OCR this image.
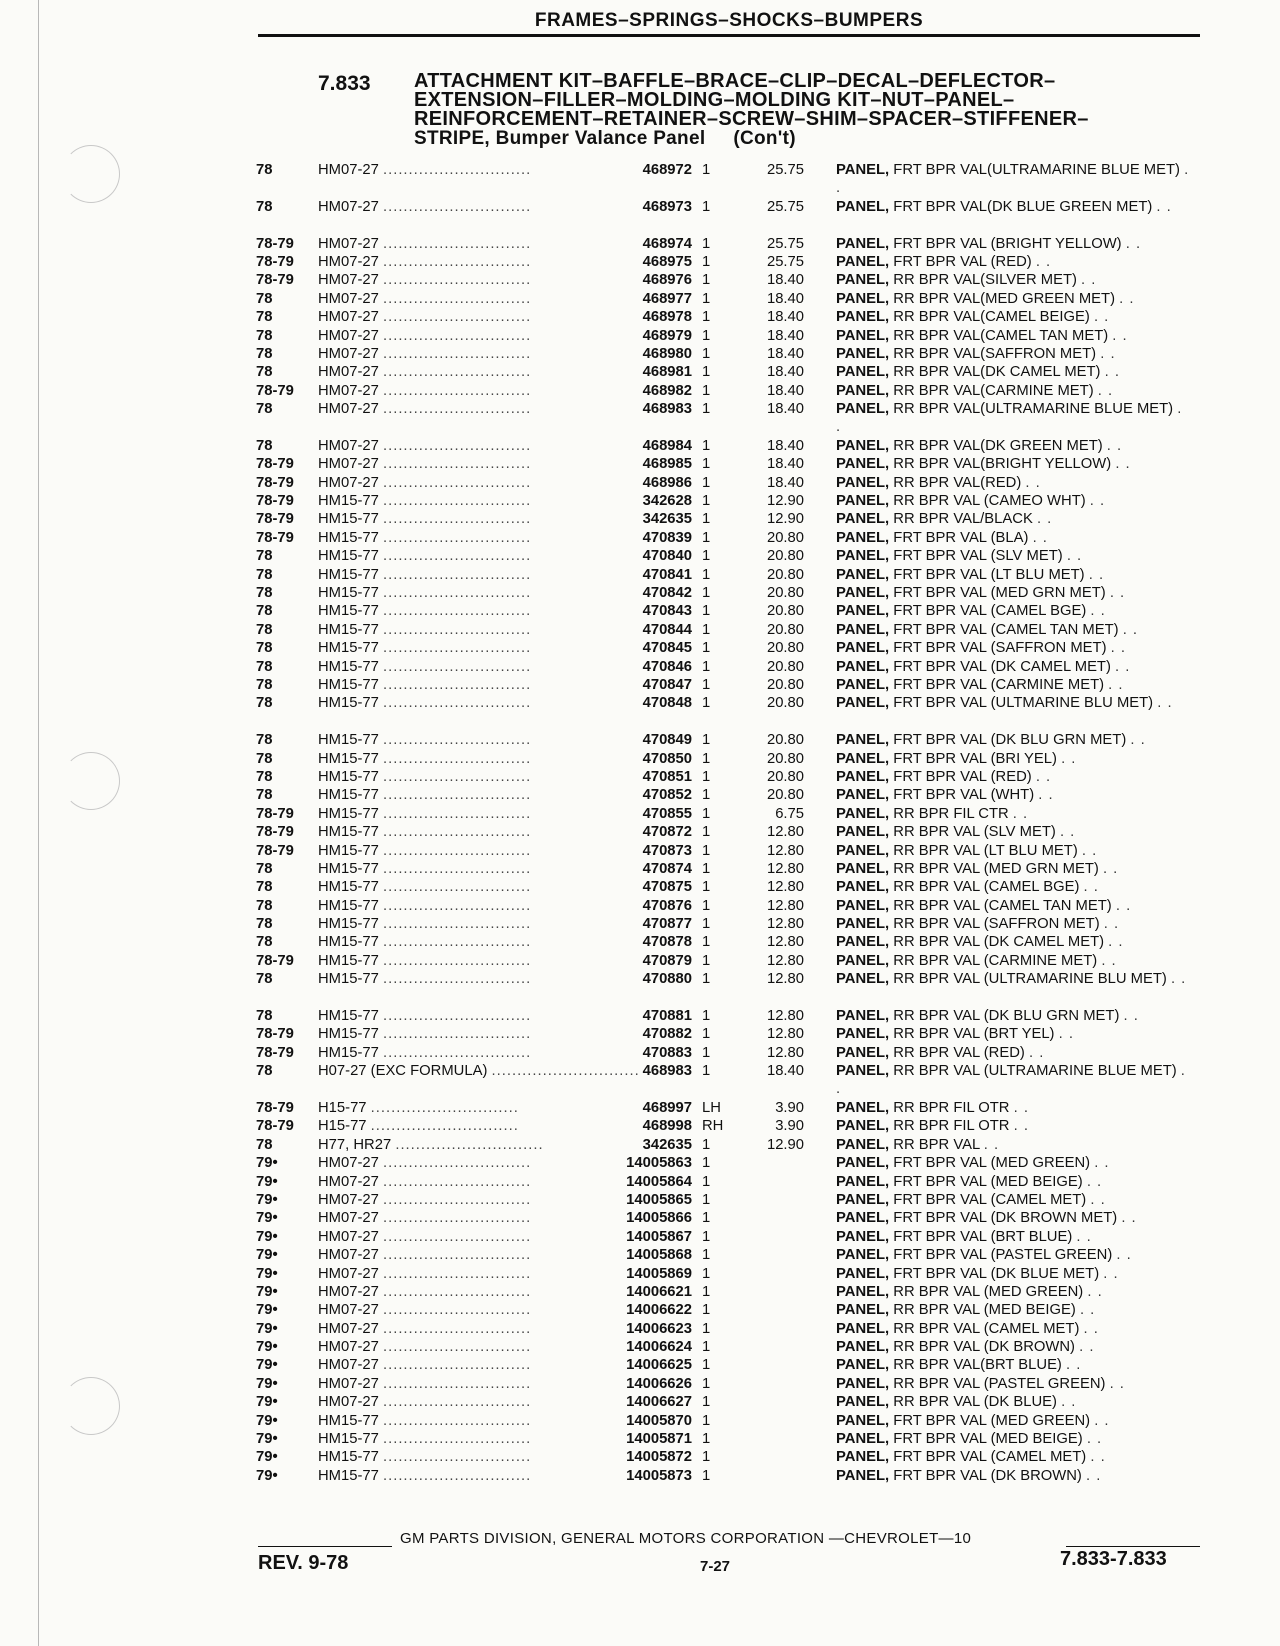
FRAMES–SPRINGS–SHOCKS–BUMPERS
7.833	ATTACHMENT KIT–BAFFLE–BRACE–CLIP–DECAL–DEFLECTOR–
EXTENSION–FILLER–MOLDING–MOLDING KIT–NUT–PANEL–
REINFORCEMENT–RETAINER–SCREW–SHIM–SPACER–STIFFENER–
STRIPE, Bumper Valance Panel (Con't)
78	HM07-27 .............................	468972 1	25.75 PANEL, FRT BPR VAL(ULTRAMARINE BLUE MET) . .
78	HM07-27 .............................	468973 1	25.75 PANEL, FRT BPR VAL(DK BLUE GREEN MET) . .
78-79	HM07-27 .............................	468974 1	25.75 PANEL, FRT BPR VAL (BRIGHT YELLOW) . .
78-79	HM07-27 .............................	468975 1	25.75 PANEL, FRT BPR VAL (RED) . .
78-79	HM07-27 .............................	468976 1	18.40 PANEL, RR BPR VAL(SILVER MET) . .
78	HM07-27 .............................	468977 1	18.40 PANEL, RR BPR VAL(MED GREEN MET) . .
78	HM07-27 .............................	468978 1	18.40 PANEL, RR BPR VAL(CAMEL BEIGE) . .
78	HM07-27 .............................	468979 1	18.40 PANEL, RR BPR VAL(CAMEL TAN MET) . .
78	HM07-27 .............................	468980 1	18.40 PANEL, RR BPR VAL(SAFFRON MET) . .
78	HM07-27 .............................	468981 1	18.40 PANEL, RR BPR VAL(DK CAMEL MET) . .
78-79	HM07-27 .............................	468982 1	18.40 PANEL, RR BPR VAL(CARMINE MET) . .
78	HM07-27 .............................	468983 1	18.40 PANEL, RR BPR VAL(ULTRAMARINE BLUE MET) . .
78	HM07-27 .............................	468984 1	18.40 PANEL, RR BPR VAL(DK GREEN MET) . .
78-79	HM07-27 .............................	468985 1	18.40 PANEL, RR BPR VAL(BRIGHT YELLOW) . .
78-79	HM07-27 .............................	468986 1	18.40 PANEL, RR BPR VAL(RED) . .
78-79	HM15-77 .............................	342628 1	12.90 PANEL, RR BPR VAL (CAMEO WHT) . .
78-79	HM15-77 .............................	342635 1	12.90 PANEL, RR BPR VAL/BLACK . .
78-79	HM15-77 .............................	470839 1	20.80 PANEL, FRT BPR VAL (BLA) . .
78	HM15-77 .............................	470840 1	20.80 PANEL, FRT BPR VAL (SLV MET) . .
78	HM15-77 .............................	470841 1	20.80 PANEL, FRT BPR VAL (LT BLU MET) . .
78	HM15-77 .............................	470842 1	20.80 PANEL, FRT BPR VAL (MED GRN MET) . .
78	HM15-77 .............................	470843 1	20.80 PANEL, FRT BPR VAL (CAMEL BGE) . .
78	HM15-77 .............................	470844 1	20.80 PANEL, FRT BPR VAL (CAMEL TAN MET) . .
78	HM15-77 .............................	470845 1	20.80 PANEL, FRT BPR VAL (SAFFRON MET) . .
78	HM15-77 .............................	470846 1	20.80 PANEL, FRT BPR VAL (DK CAMEL MET) . .
78	HM15-77 .............................	470847 1	20.80 PANEL, FRT BPR VAL (CARMINE MET) . .
78	HM15-77 .............................	470848 1	20.80 PANEL, FRT BPR VAL (ULTMARINE BLU MET) . .
78	HM15-77 .............................	470849 1	20.80 PANEL, FRT BPR VAL (DK BLU GRN MET) . .
78	HM15-77 .............................	470850 1	20.80 PANEL, FRT BPR VAL (BRI YEL) . .
78	HM15-77 .............................	470851 1	20.80 PANEL, FRT BPR VAL (RED) . .
78	HM15-77 .............................	470852 1	20.80 PANEL, FRT BPR VAL (WHT) . .
78-79	HM15-77 .............................	470855 1	6.75 PANEL, RR BPR FIL CTR . .
78-79	HM15-77 .............................	470872 1	12.80 PANEL, RR BPR VAL (SLV MET) . .
78-79	HM15-77 .............................	470873 1	12.80 PANEL, RR BPR VAL (LT BLU MET) . .
78	HM15-77 .............................	470874 1	12.80 PANEL, RR BPR VAL (MED GRN MET) . .
78	HM15-77 .............................	470875 1	12.80 PANEL, RR BPR VAL (CAMEL BGE) . .
78	HM15-77 .............................	470876 1	12.80 PANEL, RR BPR VAL (CAMEL TAN MET) . .
78	HM15-77 .............................	470877 1	12.80 PANEL, RR BPR VAL (SAFFRON MET) . .
78	HM15-77 .............................	470878 1	12.80 PANEL, RR BPR VAL (DK CAMEL MET) . .
78-79	HM15-77 .............................	470879 1	12.80 PANEL, RR BPR VAL (CARMINE MET) . .
78	HM15-77 .............................	470880 1	12.80 PANEL, RR BPR VAL (ULTRAMARINE BLU MET) . .
78	HM15-77 .............................	470881 1	12.80 PANEL, RR BPR VAL (DK BLU GRN MET) . .
78-79	HM15-77 .............................	470882 1	12.80 PANEL, RR BPR VAL (BRT YEL) . .
78-79	HM15-77 .............................	470883 1	12.80 PANEL, RR BPR VAL (RED) . .
78	H07-27 (EXC FORMULA) ............................. 468983 1	18.40 PANEL, RR BPR VAL (ULTRAMARINE BLUE MET) . .
78-79	H15-77 .............................	468997 LH	3.90 PANEL, RR BPR FIL OTR . .
78-79	H15-77 .............................	468998 RH	3.90 PANEL, RR BPR FIL OTR . .
78	H77, HR27 .............................	342635 1	12.90 PANEL, RR BPR VAL . .
79•	HM07-27 .............................	14005863 1	PANEL, FRT BPR VAL (MED GREEN) . .
79•	HM07-27 .............................	14005864 1	PANEL, FRT BPR VAL (MED BEIGE) . .
79•	HM07-27 .............................	14005865 1	PANEL, FRT BPR VAL (CAMEL MET) . .
79•	HM07-27 .............................	14005866 1	PANEL, FRT BPR VAL (DK BROWN MET) . .
79•	HM07-27 .............................	14005867 1	PANEL, FRT BPR VAL (BRT BLUE) . .
79•	HM07-27 .............................	14005868 1	PANEL, FRT BPR VAL (PASTEL GREEN) . .
79•	HM07-27 .............................	14005869 1	PANEL, FRT BPR VAL (DK BLUE MET) . .
79•	HM07-27 .............................	14006621 1	PANEL, RR BPR VAL (MED GREEN) . .
79•	HM07-27 .............................	14006622 1	PANEL, RR BPR VAL (MED BEIGE) . .
79•	HM07-27 .............................	14006623 1	PANEL, RR BPR VAL (CAMEL MET) . .
79•	HM07-27 .............................	14006624 1	PANEL, RR BPR VAL (DK BROWN) . .
79•	HM07-27 .............................	14006625 1	PANEL, RR BPR VAL(BRT BLUE) . .
79•	HM07-27 .............................	14006626 1	PANEL, RR BPR VAL (PASTEL GREEN) . .
79•	HM07-27 .............................	14006627 1	PANEL, RR BPR VAL (DK BLUE) . .
79•	HM15-77 .............................	14005870 1	PANEL, FRT BPR VAL (MED GREEN) . .
79•	HM15-77 .............................	14005871 1	PANEL, FRT BPR VAL (MED BEIGE) . .
79•	HM15-77 .............................	14005872 1	PANEL, FRT BPR VAL (CAMEL MET) . .
79•	HM15-77 .............................	14005873 1	PANEL, FRT BPR VAL (DK BROWN) . .
GM PARTS DIVISION, GENERAL MOTORS CORPORATION —CHEVROLET—10
REV. 9-78	7-27	7.833-7.833
